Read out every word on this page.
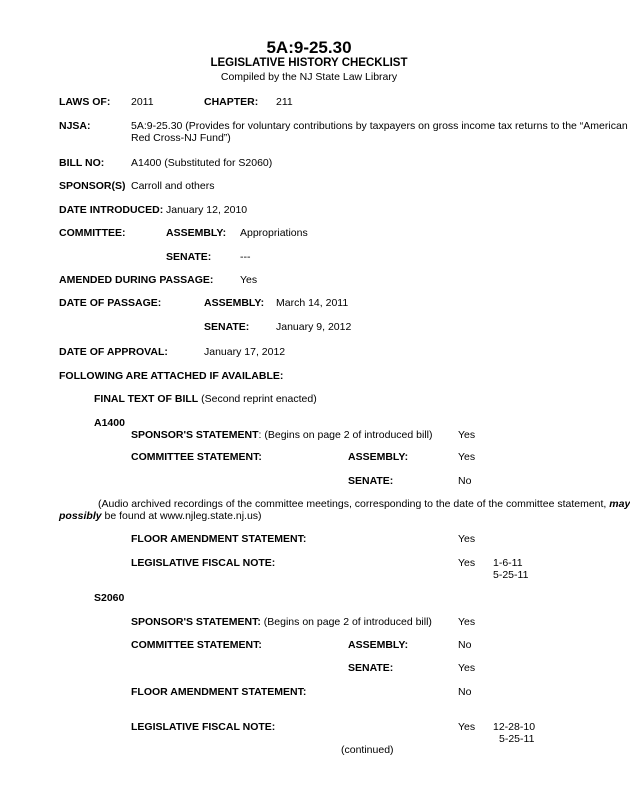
5A:9-25.30
LEGISLATIVE HISTORY CHECKLIST
Compiled by the NJ State Law Library
LAWS OF: 2011	CHAPTER: 211
NJSA:	5A:9-25.30 (Provides for voluntary contributions by taxpayers on gross income tax returns to the “American
Red Cross-NJ Fund”)
BILL NO:	A1400 (Substituted for S2060)
SPONSOR(S) Carroll and others
DATE INTRODUCED: January 12, 2010
COMMITTEE:	ASSEMBLY: Appropriations
SENATE:	---
AMENDED DURING PASSAGE:	Yes
DATE OF PASSAGE:	ASSEMBLY: March 14, 2011
SENATE:	January 9, 2012
DATE OF APPROVAL:	January 17, 2012
FOLLOWING ARE ATTACHED IF AVAILABLE:
FINAL TEXT OF BILL (Second reprint enacted)
A1400
SPONSOR'S STATEMENT: (Begins on page 2 of introduced bill) Yes
COMMITTEE STATEMENT:	ASSEMBLY:	Yes
SENATE:	No
(Audio archived recordings of the committee meetings, corresponding to the date of the committee statement, may
possibly be found at www.njleg.state.nj.us)
FLOOR AMENDMENT STATEMENT:	Yes
LEGISLATIVE FISCAL NOTE:	Yes 1-6-11
5-25-11
S2060
SPONSOR'S STATEMENT: (Begins on page 2 of introduced bill) Yes
COMMITTEE STATEMENT:	ASSEMBLY:	No
SENATE:	Yes
FLOOR AMENDMENT STATEMENT:	No
LEGISLATIVE FISCAL NOTE:	Yes 12-28-10
5-25-11
(continued)
